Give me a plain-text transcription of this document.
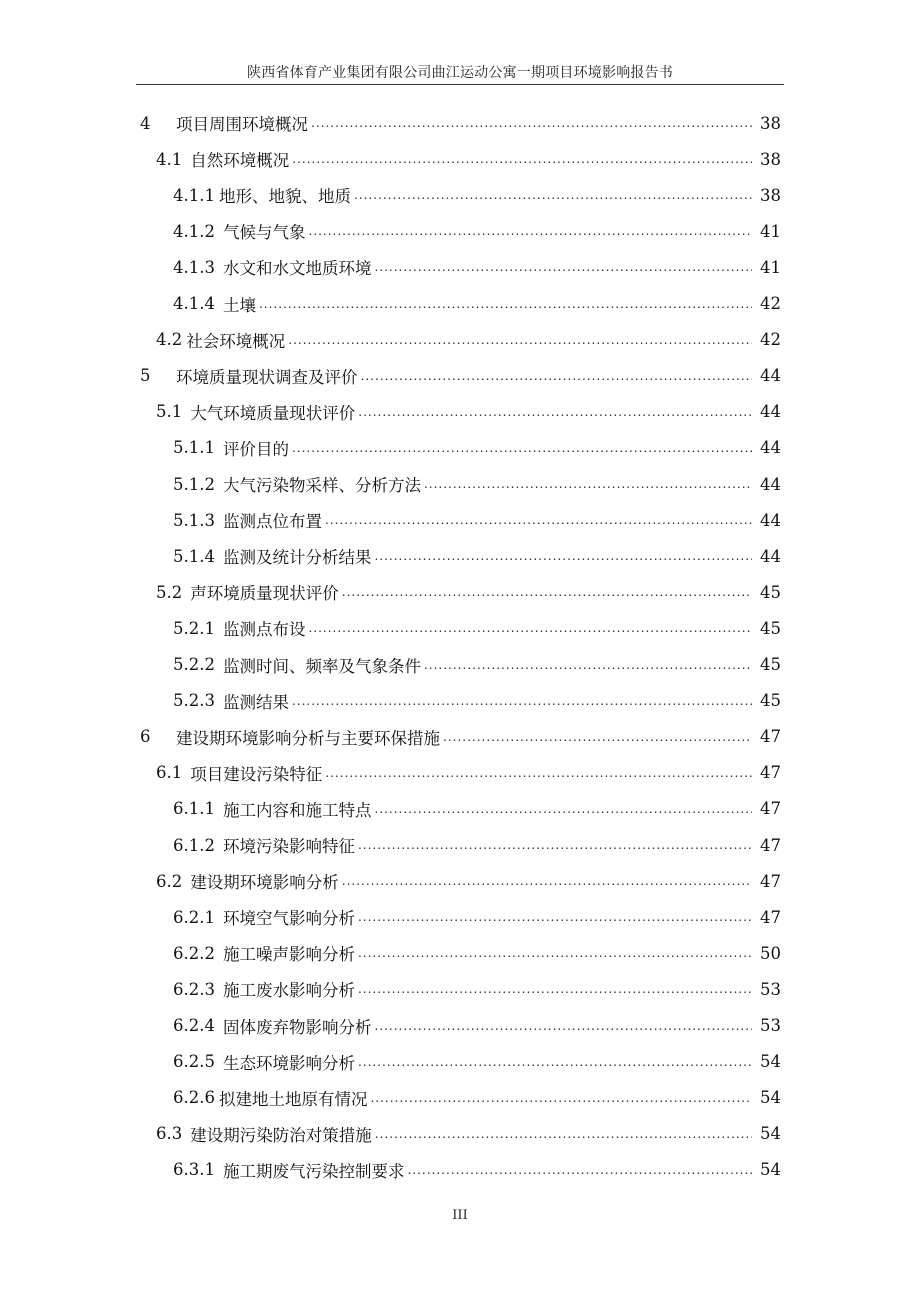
陕西省体育产业集团有限公司曲江运动公寓一期项目环境影响报告书
4	项目周围环境概况 .....	38
4.1 自然环境概况 .....	38
4.1.1 地形、地貌、地质 .....	38
4.1.2 气候与气象 .....	41
4.1.3 水文和水文地质环境 .....	41
4.1.4 土壤 .....	42
4.2 社会环境概况 .....	42
5	环境质量现状调查及评价 .....	44
5.1 大气环境质量现状评价 .....	44
5.1.1 评价目的 .....	44
5.1.2 大气污染物采样、分析方法 .....	44
5.1.3 监测点位布置 .....	44
5.1.4 监测及统计分析结果 .....	44
5.2 声环境质量现状评价 .....	45
5.2.1 监测点布设 .....	45
5.2.2 监测时间、频率及气象条件 .....	45
5.2.3 监测结果 .....	45
6	建设期环境影响分析与主要环保措施 .....	47
6.1 项目建设污染特征 .....	47
6.1.1 施工内容和施工特点 .....	47
6.1.2 环境污染影响特征 .....	47
6.2 建设期环境影响分析 .....	47
6.2.1 环境空气影响分析 .....	47
6.2.2 施工噪声影响分析 .....	50
6.2.3 施工废水影响分析 .....	53
6.2.4 固体废弃物影响分析 .....	53
6.2.5 生态环境影响分析 .....	54
6.2.6 拟建地土地原有情况 .....	54
6.3 建设期污染防治对策措施 .....	54
6.3.1 施工期废气污染控制要求 .....	54
III
